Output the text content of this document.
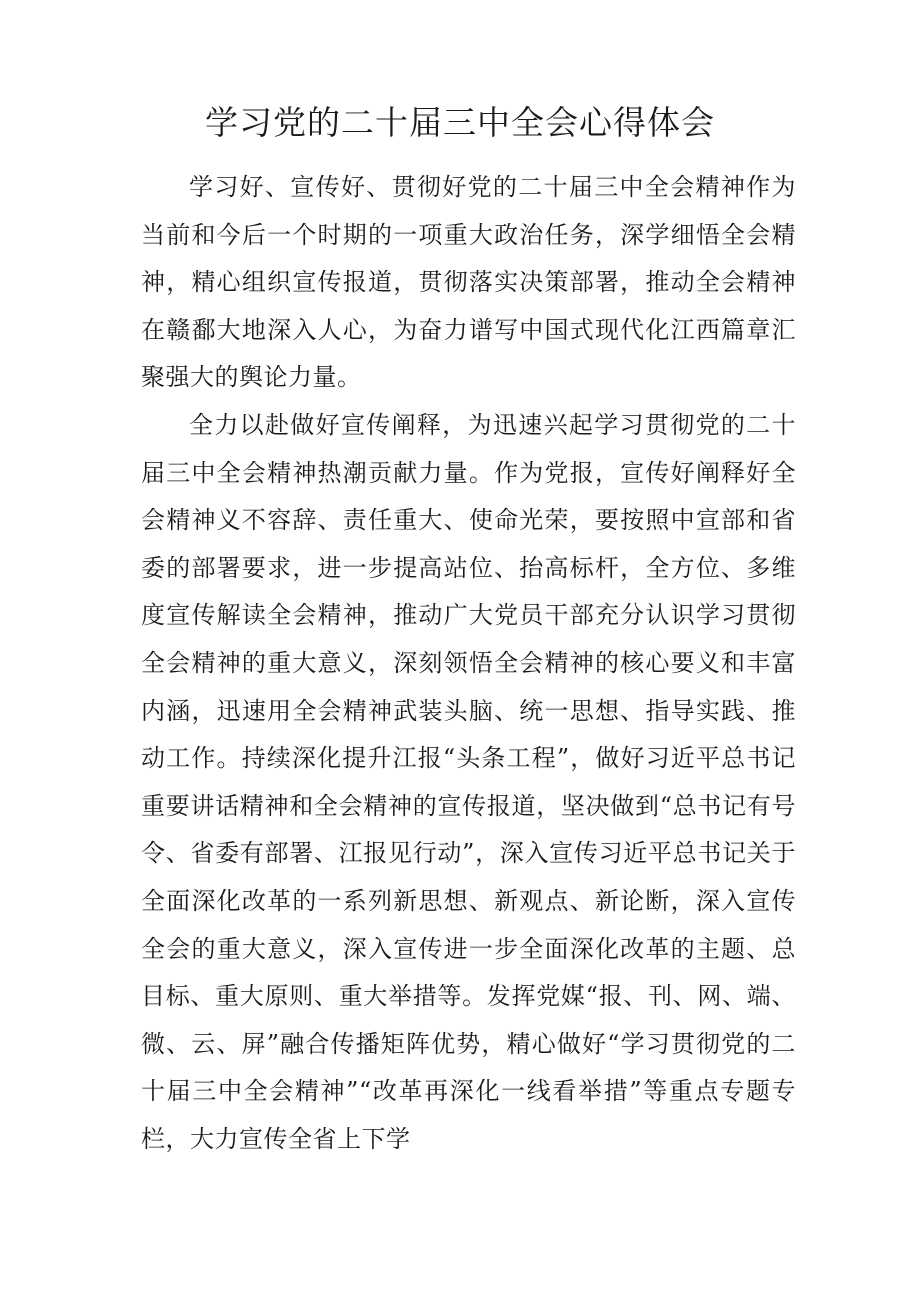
学习党的二十届三中全会心得体会

学习好、宣传好、贯彻好党的二十届三中全会精神作为当前和今后一个时期的一项重大政治任务，深学细悟全会精神，精心组织宣传报道，贯彻落实决策部署，推动全会精神在赣鄱大地深入人心，为奋力谱写中国式现代化江西篇章汇聚强大的舆论力量。

全力以赴做好宣传阐释，为迅速兴起学习贯彻党的二十届三中全会精神热潮贡献力量。作为党报，宣传好阐释好全会精神义不容辞、责任重大、使命光荣，要按照中宣部和省委的部署要求，进一步提高站位、抬高标杆，全方位、多维度宣传解读全会精神，推动广大党员干部充分认识学习贯彻全会精神的重大意义，深刻领悟全会精神的核心要义和丰富内涵，迅速用全会精神武装头脑、统一思想、指导实践、推动工作。持续深化提升江报“头条工程”，做好习近平总书记重要讲话精神和全会精神的宣传报道，坚决做到“总书记有号令、省委有部署、江报见行动”，深入宣传习近平总书记关于全面深化改革的一系列新思想、新观点、新论断，深入宣传全会的重大意义，深入宣传进一步全面深化改革的主题、总目标、重大原则、重大举措等。发挥党媒“报、刊、网、端、微、云、屏”融合传播矩阵优势，精心做好“学习贯彻党的二十届三中全会精神”“改革再深化一线看举措”等重点专题专栏，大力宣传全省上下学
